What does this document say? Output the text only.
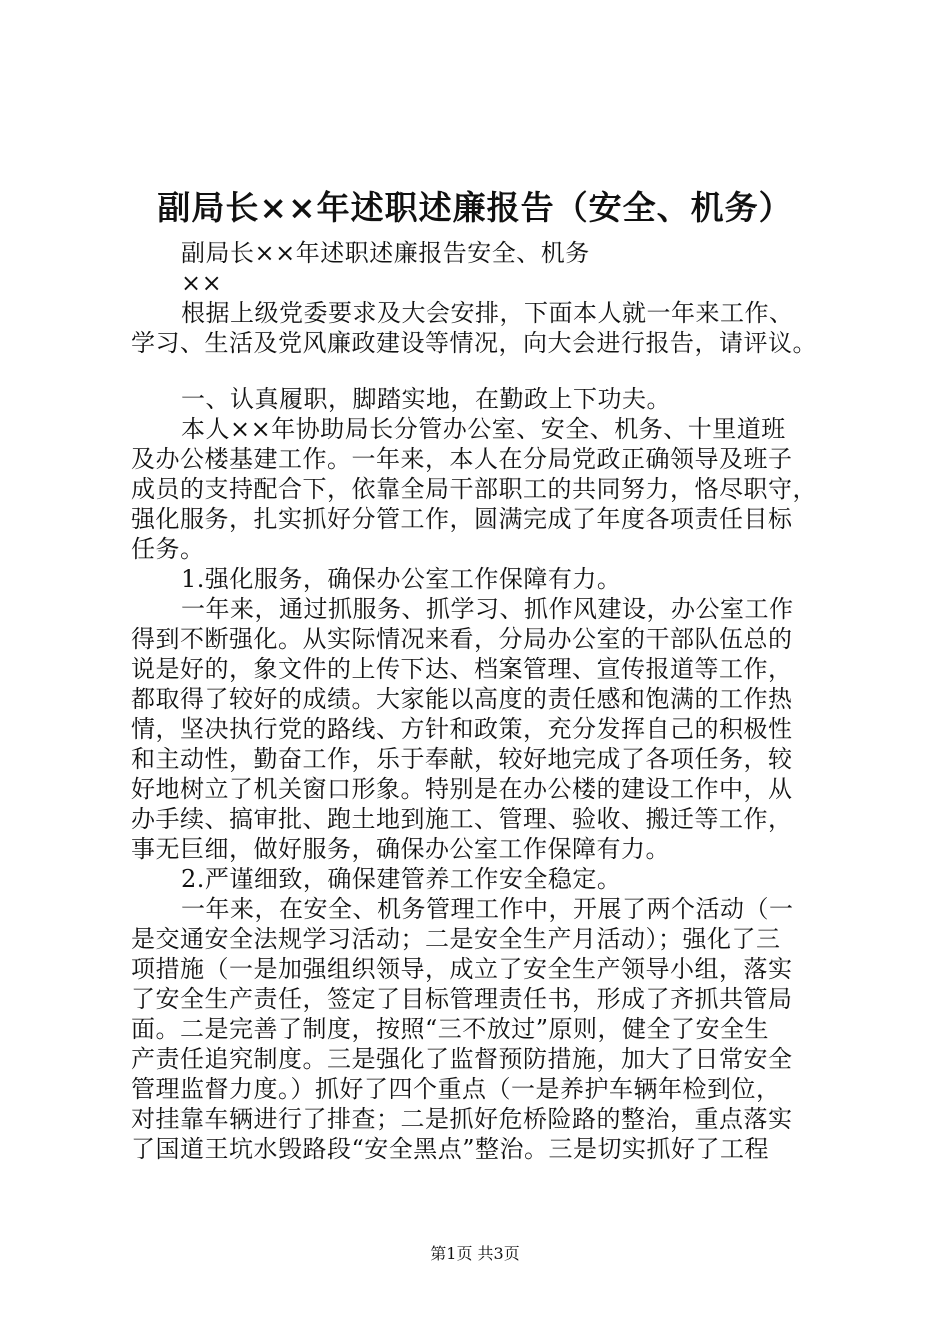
副局长××年述职述廉报告（安全、机务）
副局长××年述职述廉报告安全、机务
××
根据上级党委要求及大会安排，下面本人就一年来工作、
学习、生活及党风廉政建设等情况，向大会进行报告，请评议。
一、认真履职，脚踏实地，在勤政上下功夫。
本人××年协助局长分管办公室、安全、机务、十里道班
及办公楼基建工作。一年来，本人在分局党政正确领导及班子
成员的支持配合下，依靠全局干部职工的共同努力，恪尽职守，
强化服务，扎实抓好分管工作，圆满完成了年度各项责任目标
任务。
1.强化服务，确保办公室工作保障有力。
一年来，通过抓服务、抓学习、抓作风建设，办公室工作
得到不断强化。从实际情况来看，分局办公室的干部队伍总的
说是好的，象文件的上传下达、档案管理、宣传报道等工作，
都取得了较好的成绩。大家能以高度的责任感和饱满的工作热
情，坚决执行党的路线、方针和政策，充分发挥自己的积极性
和主动性，勤奋工作，乐于奉献，较好地完成了各项任务，较
好地树立了机关窗口形象。特别是在办公楼的建设工作中，从
办手续、搞审批、跑土地到施工、管理、验收、搬迁等工作，
事无巨细，做好服务，确保办公室工作保障有力。
2.严谨细致，确保建管养工作安全稳定。
一年来，在安全、机务管理工作中，开展了两个活动（一
是交通安全法规学习活动；二是安全生产月活动）；强化了三
项措施（一是加强组织领导，成立了安全生产领导小组，落实
了安全生产责任，签定了目标管理责任书，形成了齐抓共管局
面。二是完善了制度，按照“三不放过”原则，健全了安全生
产责任追究制度。三是强化了监督预防措施，加大了日常安全
管理监督力度。）抓好了四个重点（一是养护车辆年检到位，
对挂靠车辆进行了排查；二是抓好危桥险路的整治，重点落实
了国道王坑水毁路段“安全黑点”整治。三是切实抓好了工程
第1页 共3页
